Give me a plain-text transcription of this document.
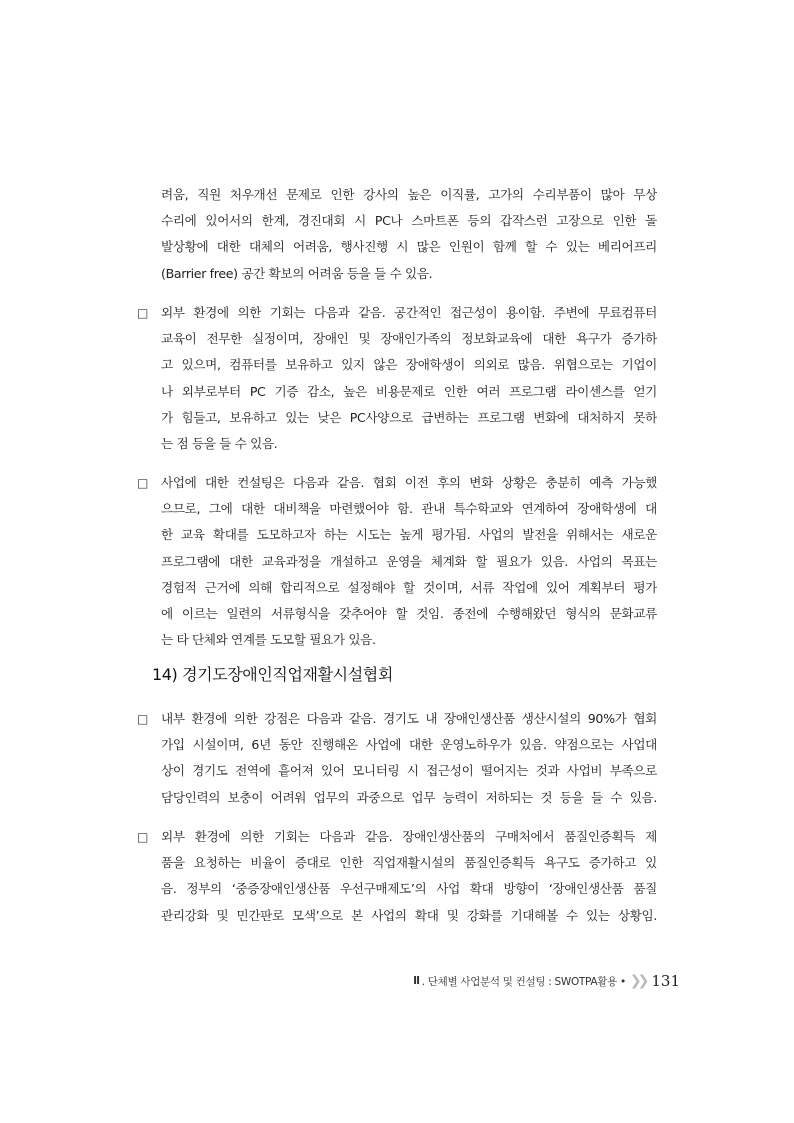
려움, 직원 처우개선 문제로 인한 강사의 높은 이직률, 고가의 수리부품이 많아 무상
수리에 있어서의 한계, 경진대회 시 PC나 스마트폰 등의 갑작스런 고장으로 인한 돌
발상황에 대한 대체의 어려움, 행사진행 시 많은 인원이 함께 할 수 있는 베리어프리
(Barrier free) 공간 확보의 어려움 등을 들 수 있음.
□ 외부 환경에 의한 기회는 다음과 같음. 공간적인 접근성이 용이함. 주변에 무료컴퓨터
교육이 전무한 실정이며, 장애인 및 장애인가족의 정보화교육에 대한 욕구가 증가하
고 있으며, 컴퓨터를 보유하고 있지 않은 장애학생이 의외로 많음. 위협으로는 기업이
나 외부로부터 PC 기증 감소, 높은 비용문제로 인한 여러 프로그램 라이센스를 얻기
가 힘들고, 보유하고 있는 낮은 PC사양으로 급변하는 프로그램 변화에 대처하지 못하
는 점 등을 들 수 있음.
□ 사업에 대한 컨설팅은 다음과 같음. 협회 이전 후의 변화 상황은 충분히 예측 가능했
으므로, 그에 대한 대비책을 마련했어야 함. 관내 특수학교와 연계하여 장애학생에 대
한 교육 확대를 도모하고자 하는 시도는 높게 평가됨. 사업의 발전을 위해서는 새로운
프로그램에 대한 교육과정을 개설하고 운영을 체계화 할 필요가 있음. 사업의 목표는
경험적 근거에 의해 합리적으로 설정해야 할 것이며, 서류 작업에 있어 계획부터 평가
에 이르는 일련의 서류형식을 갖추어야 할 것임. 종전에 수행해왔던 형식의 문화교류
는 타 단체와 연계를 도모할 필요가 있음.
14) 경기도장애인직업재활시설협회
□ 내부 환경에 의한 강점은 다음과 같음. 경기도 내 장애인생산품 생산시설의 90%가 협회
가입 시설이며, 6년 동안 진행해온 사업에 대한 운영노하우가 있음. 약점으로는 사업대
상이 경기도 전역에 흩어져 있어 모니터링 시 접근성이 떨어지는 것과 사업비 부족으로
담당인력의 보충이 어려워 업무의 과중으로 업무 능력이 저하되는 것 등을 들 수 있음.
□ 외부 환경에 의한 기회는 다음과 같음. 장애인생산품의 구매처에서 품질인증획득 제
품을 요청하는 비율이 증대로 인한 직업재활시설의 품질인증획득 욕구도 증가하고 있
음. 정부의 ‘중증장애인생산품 우선구매제도’의 사업 확대 방향이 ‘장애인생산품 품질
관리강화 및 민간판로 모색’으로 본 사업의 확대 및 강화를 기대해볼 수 있는 상황임.
Ⅱ . 단체별 사업분석 및 컨설팅 : SWOTPA활용 • ❯❯ 131
